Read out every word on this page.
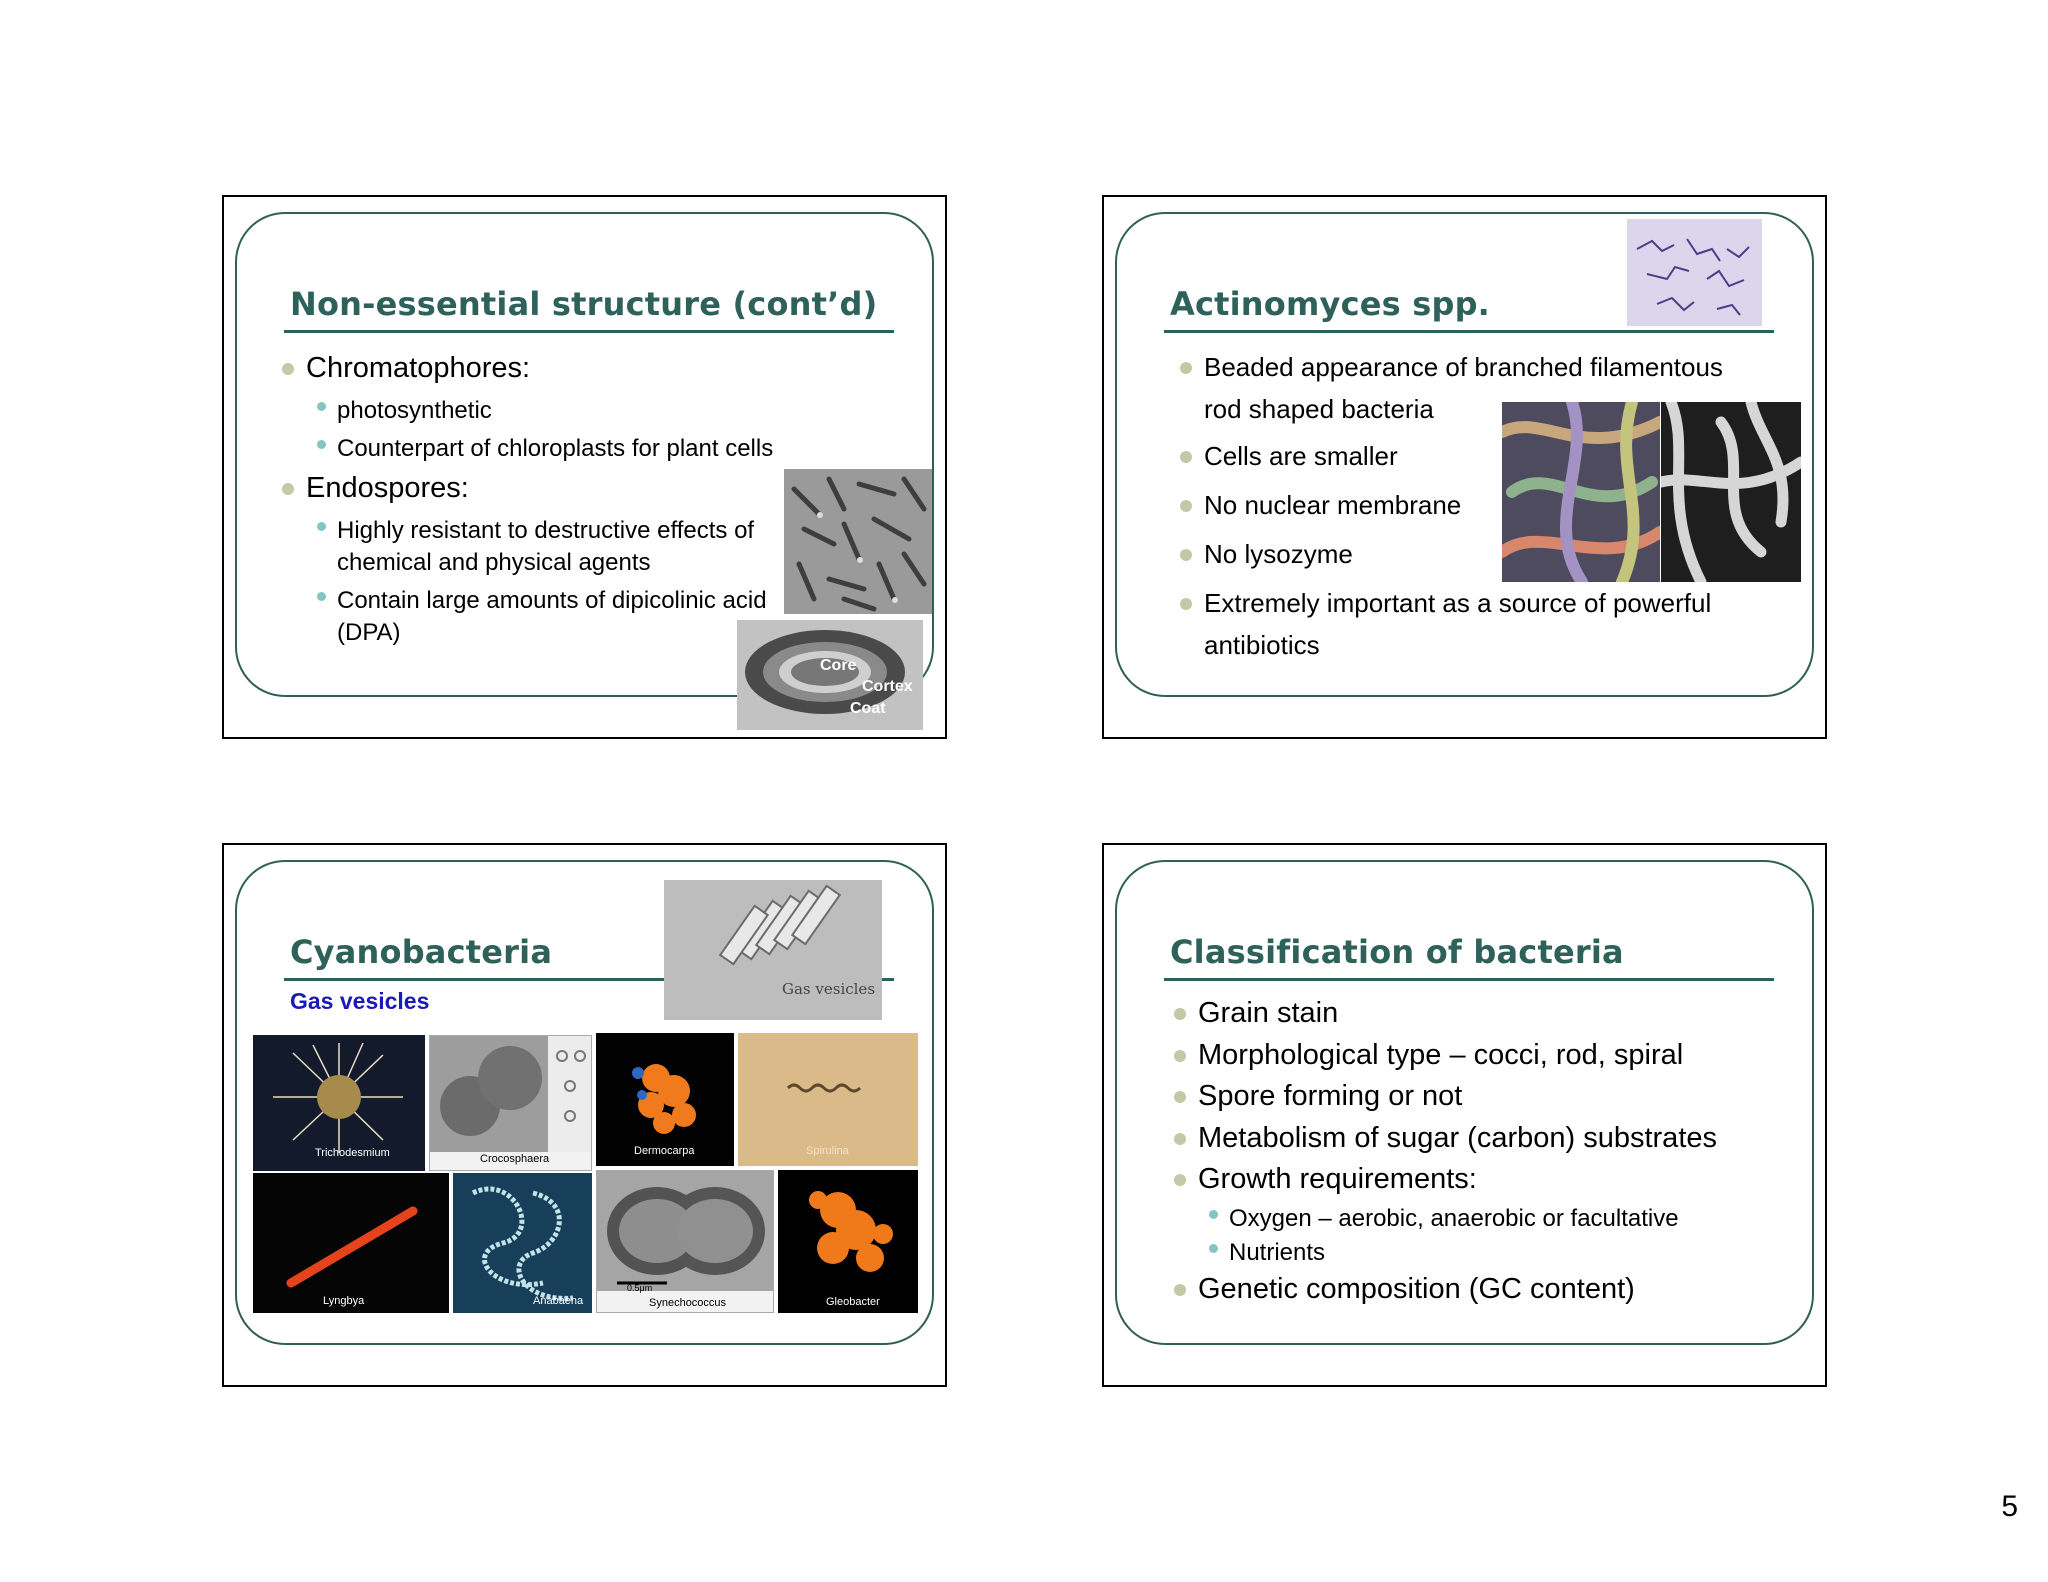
Non-essential structure (cont’d)
Chromatophores:
photosynthetic
Counterpart of chloroplasts for plant cells
Endospores:
Highly resistant to destructive effects of
chemical and physical agents
Contain large amounts of dipicolinic acid
(DPA)
Core
Cortex
Coat
Actinomyces spp.
Beaded appearance of branched filamentous
rod shaped bacteria
Cells are smaller
No nuclear membrane
No lysozyme
Extremely important as a source of powerful
antibiotics
Cyanobacteria
Gas vesicles	Gas vesicles
Trichodesmium	Crocosphaera
Dermocarpa	Spirulina
Lyngbya	Anabaena
0.5μm
Synechococcus	Gleobacter
Classification of bacteria
Grain stain
Morphological type – cocci, rod, spiral
Spore forming or not
Metabolism of sugar (carbon) substrates
Growth requirements:
Oxygen – aerobic, anaerobic or facultative
Nutrients
Genetic composition (GC content)
5
